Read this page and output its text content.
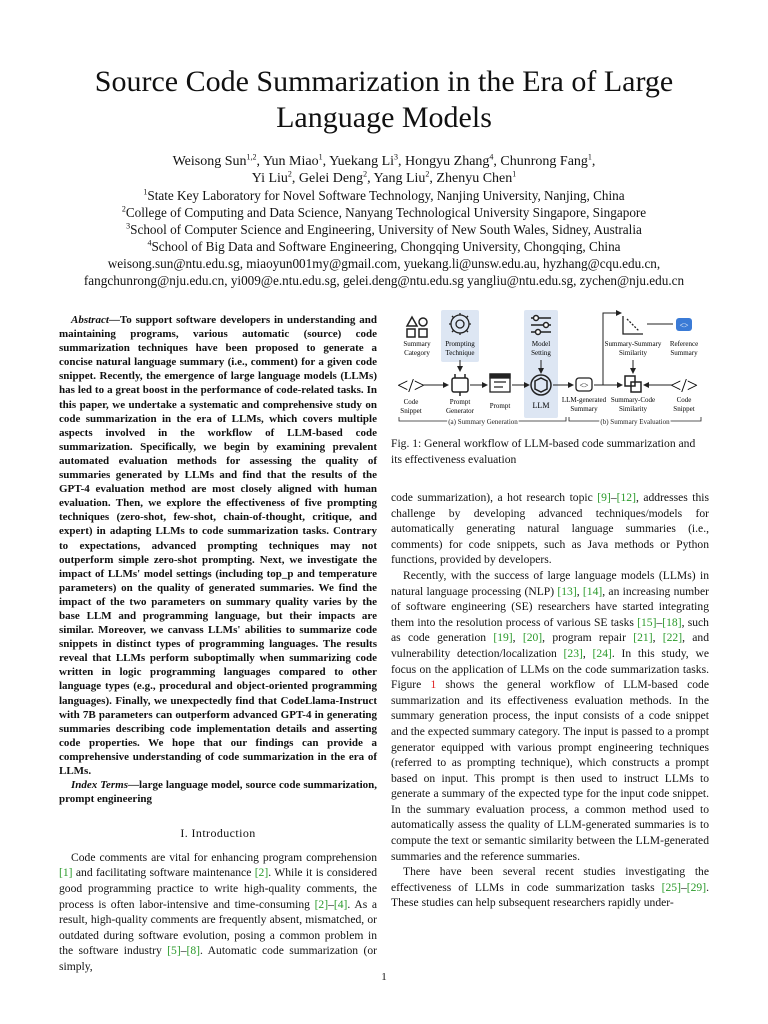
Source Code Summarization in the Era of Large
Language Models
Weisong Sun$^{1,2}$, Yun Miao$^1$, Yuekang Li$^3$, Hongyu Zhang$^4$, Chunrong Fang$^1$,
Yi Liu$^2$, Gelei Deng$^2$, Yang Liu$^2$, Zhenyu Chen$^1$
$^1$State Key Laboratory for Novel Software Technology, Nanjing University, Nanjing, China
$^2$College of Computing and Data Science, Nanyang Technological University Singapore, Singapore
$^3$School of Computer Science and Engineering, University of New South Wales, Sidney, Australia
$^4$School of Big Data and Software Engineering, Chongqing University, Chongqing, China
weisong.sun@ntu.edu.sg, miaoyun001my@gmail.com, yuekang.li@unsw.edu.au, hyzhang@cqu.edu.cn,
fangchunrong@nju.edu.cn, yi009@e.ntu.edu.sg, gelei.deng@ntu.edu.sg yangliu@ntu.edu.sg, zychen@nju.edu.cn

Abstract—To support software developers in understanding and maintaining programs, various automatic (source) code summarization techniques have been proposed to generate a concise natural language summary (i.e., comment) for a given code snippet. Recently, the emergence of large language models (LLMs) has led to a great boost in the performance of code-related tasks. In this paper, we undertake a systematic and comprehensive study on code summarization in the era of LLMs, which covers multiple aspects involved in the workflow of LLM-based code summarization. Specifically, we begin by examining prevalent automated evaluation methods for assessing the quality of summaries generated by LLMs and find that the results of the GPT-4 evaluation method are most closely aligned with human evaluation. Then, we explore the effectiveness of five prompting techniques (zero-shot, few-shot, chain-of-thought, critique, and expert) in adapting LLMs to code summarization tasks. Contrary to expectations, advanced prompting techniques may not outperform simple zero-shot prompting. Next, we investigate the impact of LLMs' model settings (including top_p and temperature parameters) on the quality of generated summaries. We find the impact of the two parameters on summary quality varies by the base LLM and programming language, but their impacts are similar. Moreover, we canvass LLMs' abilities to summarize code snippets in distinct types of programming languages. The results reveal that LLMs perform suboptimally when summarizing code written in logic programming languages compared to other language types (e.g., procedural and object-oriented programming languages). Finally, we unexpectedly find that CodeLlama-Instruct with 7B parameters can outperform advanced GPT-4 in generating summaries describing code implementation details and asserting code properties. We hope that our findings can provide a comprehensive understanding of code summarization in the era of LLMs.

Index Terms—large language model, source code summarization, prompt engineering

I. Introduction

Code comments are vital for enhancing program comprehension [1] and facilitating software maintenance [2]. While it is considered good programming practice to write high-quality comments, the process is often labor-intensive and time-consuming [2]–[4]. As a result, high-quality comments are frequently absent, mismatched, or outdated during software evolution, posing a common problem in the software industry [5]–[8]. Automatic code summarization (or simply,

Summary Category
Prompting Technique
Model Setting
Summary-Summary Similarity
<>
Reference Summary
</>
Code Snippet
Prompt Generator
Prompt	LLM
<>
LLM-generated Summary
Summary-Code Similarity
</>
Code Snippet
(a) Summary Generation	(b) Summary Evaluation
Fig. 1: General workflow of LLM-based code summarization and its effectiveness evaluation

code summarization), a hot research topic [9]–[12], addresses this challenge by developing advanced techniques/models for automatically generating natural language summaries (i.e., comments) for code snippets, such as Java methods or Python functions, provided by developers.

Recently, with the success of large language models (LLMs) in natural language processing (NLP) [13], [14], an increasing number of software engineering (SE) researchers have started integrating them into the resolution process of various SE tasks [15]–[18], such as code generation [19], [20], program repair [21], [22], and vulnerability detection/localization [23], [24]. In this study, we focus on the application of LLMs on the code summarization tasks. Figure 1 shows the general workflow of LLM-based code summarization and its effectiveness evaluation methods. In the summary generation process, the input consists of a code snippet and the expected summary category. The input is passed to a prompt generator equipped with various prompt engineering techniques (referred to as prompting technique), which constructs a prompt based on input. This prompt is then used to instruct LLMs to generate a summary of the expected type for the input code snippet. In the summary evaluation process, a common method used to automatically assess the quality of LLM-generated summaries is to compute the text or semantic similarity between the LLM-generated summaries and the reference summaries.

There have been several recent studies investigating the effectiveness of LLMs in code summarization tasks [25]–[29]. These studies can help subsequent researchers rapidly under-

1
